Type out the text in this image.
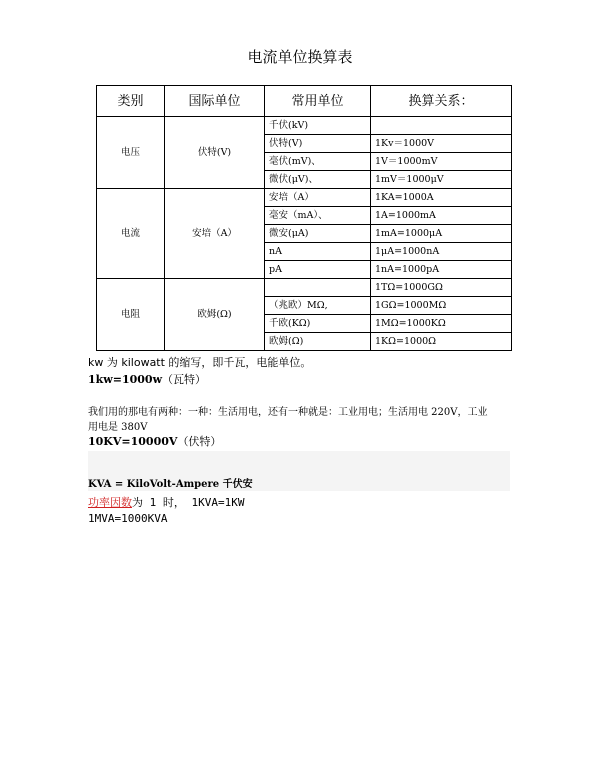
电流单位换算表
类别	国际单位	常用单位	换算关系：
电压	伏特(V)	千伏(kV)	
		伏特(V)	1Kv＝1000V
		毫伏(mV)、	1V＝1000mV
		微伏(μV)、	1mV＝1000μV
电流	安培（A）	安培（A）	1KA=1000A
		毫安（mA）、	1A=1000mA
		微安(μA)	1mA=1000μA
		nA	1μA=1000nA
		pA	1nA=1000pA
电阻	欧姆(Ω)		1TΩ=1000GΩ
		（兆欧）MΩ,	1GΩ=1000MΩ
		千欧(KΩ)	1MΩ=1000KΩ
		欧姆(Ω)	1KΩ=1000Ω
kw 为 kilowatt 的缩写，即千瓦，电能单位。
1kw=1000w（瓦特）
我们用的那电有两种：一种：生活用电，还有一种就是：工业用电；生活用电 220V，工业
用电是 380V
10KV=10000V（伏特）
KVA = KiloVolt-Ampere 千伏安
功率因数为 1 时， 1KVA=1KW
1MVA=1000KVA
